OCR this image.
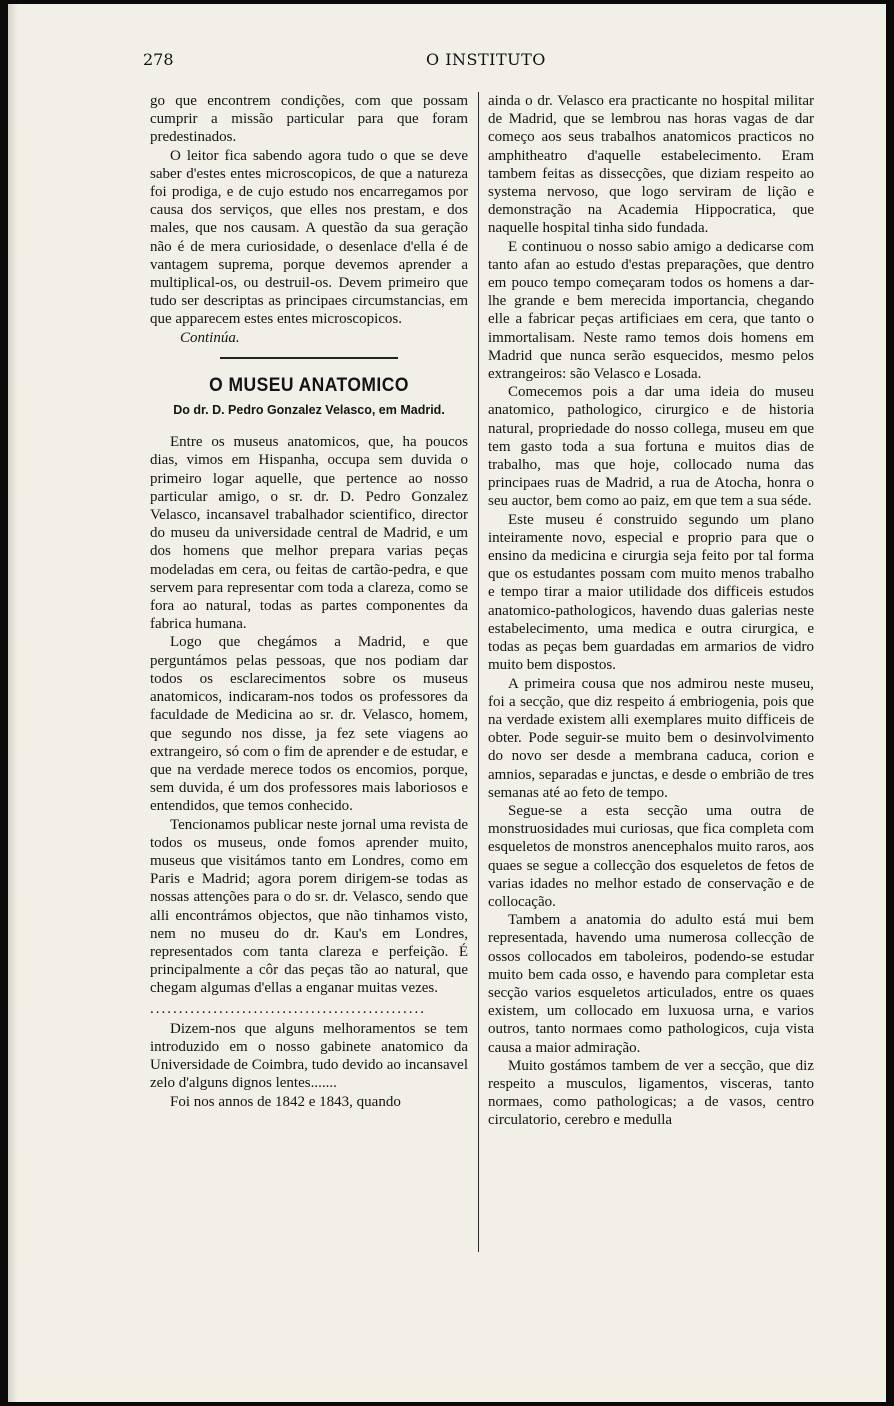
278	O INSTITUTO

go que encontrem condições, com que possam cumprir a missão particular para que foram predestinados.

O leitor fica sabendo agora tudo o que se deve saber d'estes entes microscopicos, de que a natureza foi prodiga, e de cujo estudo nos encarregamos por causa dos serviços, que elles nos prestam, e dos males, que nos causam. A questão da sua geração não é de mera curiosidade, o desenlace d'ella é de vantagem suprema, porque devemos aprender a multiplical-os, ou destruil-os. Devem primeiro que tudo ser descriptas as principaes circumstancias, em que apparecem estes entes microscopicos.

Continúa.

O MUSEU ANATOMICO
Do dr. D. Pedro Gonzalez Velasco, em Madrid.

Entre os museus anatomicos, que, ha poucos dias, vimos em Hispanha, occupa sem duvida o primeiro logar aquelle, que pertence ao nosso particular amigo, o sr. dr. D. Pedro Gonzalez Velasco, incansavel trabalhador scientifico, director do museu da universidade central de Madrid, e um dos homens que melhor prepara varias peças modeladas em cera, ou feitas de cartão-pedra, e que servem para representar com toda a clareza, como se fora ao natural, todas as partes componentes da fabrica humana.

Logo que chegámos a Madrid, e que perguntámos pelas pessoas, que nos podiam dar todos os esclarecimentos sobre os museus anatomicos, indicaram-nos todos os professores da faculdade de Medicina ao sr. dr. Velasco, homem, que segundo nos disse, ja fez sete viagens ao extrangeiro, só com o fim de aprender e de estudar, e que na verdade merece todos os encomios, porque, sem duvida, é um dos professores mais laboriosos e entendidos, que temos conhecido.

Tencionamos publicar neste jornal uma revista de todos os museus, onde fomos aprender muito, museus que visitámos tanto em Londres, como em Paris e Madrid; agora porem dirigem-se todas as nossas attenções para o do sr. dr. Velasco, sendo que alli encontrámos objectos, que não tinhamos visto, nem no museu do dr. Kau's em Londres, representados com tanta clareza e perfeição. É principalmente a côr das peças tão ao natural, que chegam algumas d'ellas a enganar muitas vezes.

.....

Dizem-nos que alguns melhoramentos se tem introduzido em o nosso gabinete anatomico da Universidade de Coimbra, tudo devido ao incansavel zelo d'alguns dignos lentes.......

Foi nos annos de 1842 e 1843, quando

ainda o dr. Velasco era practicante no hospital militar de Madrid, que se lembrou nas horas vagas de dar começo aos seus trabalhos anatomicos practicos no amphitheatro d'aquelle estabelecimento. Eram tambem feitas as dissecções, que diziam respeito ao systema nervoso, que logo serviram de lição e demonstração na Academia Hippocratica, que naquelle hospital tinha sido fundada.

E continuou o nosso sabio amigo a dedicarse com tanto afan ao estudo d'estas preparações, que dentro em pouco tempo começaram todos os homens a dar-lhe grande e bem merecida importancia, chegando elle a fabricar peças artificiaes em cera, que tanto o immortalisam. Neste ramo temos dois homens em Madrid que nunca serão esquecidos, mesmo pelos extrangeiros: são Velasco e Losada.

Comecemos pois a dar uma ideia do museu anatomico, pathologico, cirurgico e de historia natural, propriedade do nosso collega, museu em que tem gasto toda a sua fortuna e muitos dias de trabalho, mas que hoje, collocado numa das principaes ruas de Madrid, a rua de Atocha, honra o seu auctor, bem como ao paiz, em que tem a sua séde.

Este museu é construido segundo um plano inteiramente novo, especial e proprio para que o ensino da medicina e cirurgia seja feito por tal forma que os estudantes possam com muito menos trabalho e tempo tirar a maior utilidade dos difficeis estudos anatomico-pathologicos, havendo duas galerias neste estabelecimento, uma medica e outra cirurgica, e todas as peças bem guardadas em armarios de vidro muito bem dispostos.

A primeira cousa que nos admirou neste museu, foi a secção, que diz respeito á embriogenia, pois que na verdade existem alli exemplares muito difficeis de obter. Pode seguir-se muito bem o desinvolvimento do novo ser desde a membrana caduca, corion e amnios, separadas e junctas, e desde o embrião de tres semanas até ao feto de tempo.

Segue-se a esta secção uma outra de monstruosidades mui curiosas, que fica completa com esqueletos de monstros anencephalos muito raros, aos quaes se segue a collecção dos esqueletos de fetos de varias idades no melhor estado de conservação e de collocação.

Tambem a anatomia do adulto está mui bem representada, havendo uma numerosa collecção de ossos collocados em taboleiros, podendo-se estudar muito bem cada osso, e havendo para completar esta secção varios esqueletos articulados, entre os quaes existem, um collocado em luxuosa urna, e varios outros, tanto normaes como pathologicos, cuja vista causa a maior admiração.

Muito gostámos tambem de ver a secção, que diz respeito a musculos, ligamentos, visceras, tanto normaes, como pathologicas; a de vasos, centro circulatorio, cerebro e medulla
